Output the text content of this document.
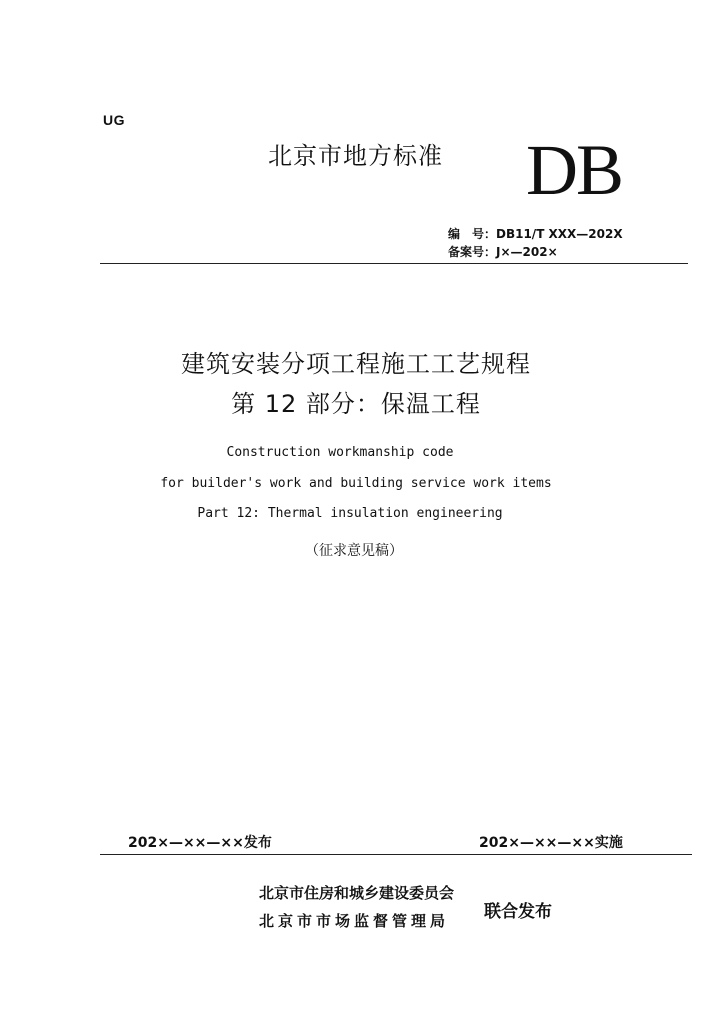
UG
北京市地方标准 DB
编　号：DB11/T XXX—202X
备案号：J×—202×
建筑安装分项工程施工工艺规程
第 12 部分：保温工程
Construction workmanship code
for builder's work and building service work items
Part 12: Thermal insulation engineering
（征求意见稿）
202×—××—××发布	202×—××—××实施
北京市住房和城乡建设委员会
北京市市场监督管理局 联合发布
